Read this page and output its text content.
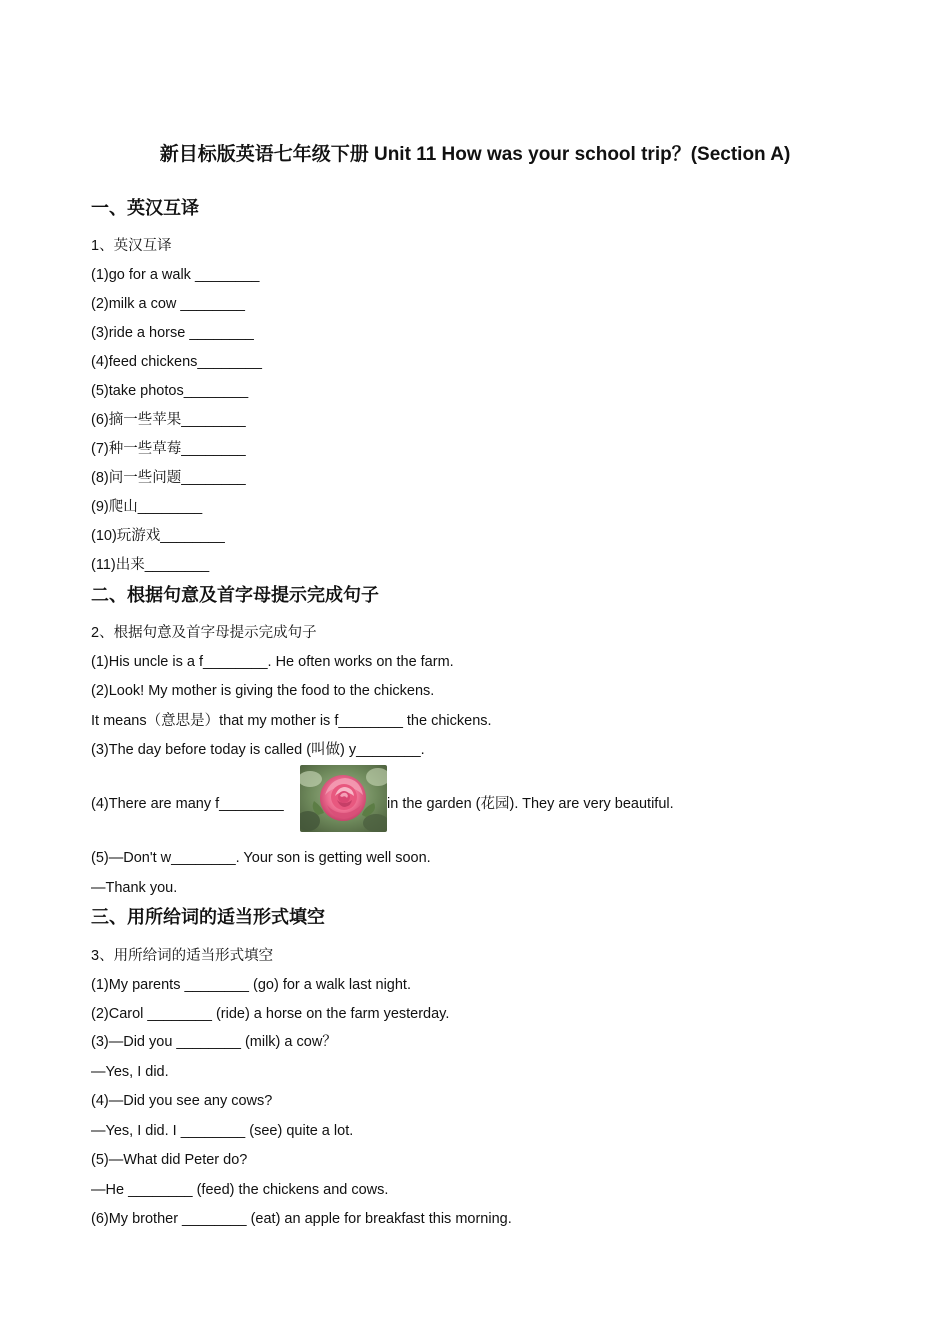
新目标版英语七年级下册 Unit 11 How was your school trip？(Section A)
一、英汉互译
1、英汉互译
(1)go for a walk ________
(2)milk a cow ________
(3)ride a horse ________
(4)feed chickens________
(5)take photos________
(6)摘一些苹果________
(7)种一些草莓________
(8)问一些问题________
(9)爬山________
(10)玩游戏________
(11)出来________
二、根据句意及首字母提示完成句子
2、根据句意及首字母提示完成句子
(1)His uncle is a f________. He often works on the farm.
(2)Look! My mother is giving the food to the chickens.
It means（意思是）that my mother is f________ the chickens.
(3)The day before today is called (叫做) y________.
(4)There are many f________	in the garden (花园). They are very beautiful.
(5)—Don't w________. Your son is getting well soon.
—Thank you.
三、用所给词的适当形式填空
3、用所给词的适当形式填空
(1)My parents ________ (go) for a walk last night.
(2)Carol ________ (ride) a horse on the farm yesterday.
(3)—Did you ________ (milk) a cow？
—Yes, I did.
(4)—Did you see any cows?
—Yes, I did. I ________ (see) quite a lot.
(5)—What did Peter do?
—He ________ (feed) the chickens and cows.
(6)My brother ________ (eat) an apple for breakfast this morning.
